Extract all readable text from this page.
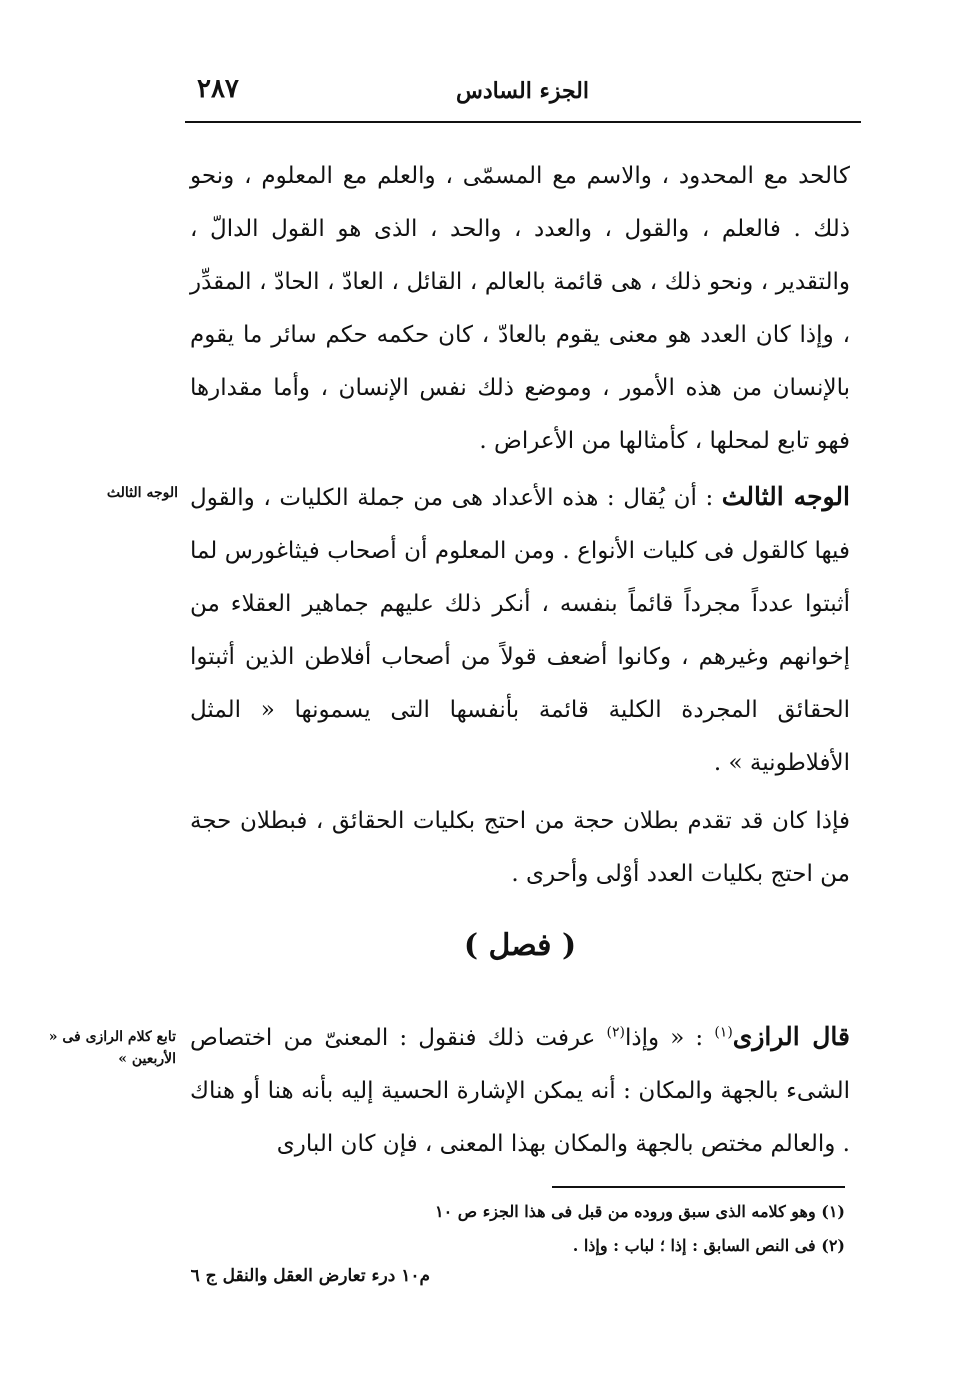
الجزء السادس
٢٨٧
كالحد مع المحدود ، والاسم مع المسمّى ، والعلم مع المعلوم ، ونحو ذلك . فالعلم ، والقول ، والعدد ، والحد ، الذى هو القول الدالّ ، والتقدير ، ونحو ذلك ، هى قائمة بالعالم ، القائل ، العادّ ، الحادّ ، المقدِّر ، وإذا كان العدد هو معنى يقوم بالعادّ ، كان حكمه حكم سائر ما يقوم بالإنسان من هذه الأمور ، وموضع ذلك نفس الإنسان ، وأما مقدارها فهو تابع لمحلها ، كأمثالها من الأعراض .
الوجه الثالث : أن يُقال : هذه الأعداد هى من جملة الكليات ، والقول فيها كالقول فى كليات الأنواع . ومن المعلوم أن أصحاب فيثاغورس لما أثبتوا عدداً مجرداً قائماً بنفسه ، أنكر ذلك عليهم جماهير العقلاء من إخوانهم وغيرهم ، وكانوا أضعف قولاً من أصحاب أفلاطن الذين أثبتوا الحقائق المجردة الكلية قائمة بأنفسها التى يسمونها « المثل الأفلاطونية » .
فإذا كان قد تقدم بطلان حجة من احتج بكليات الحقائق ، فبطلان حجة من احتج بكليات العدد أوْلى وأحرى .
( فصل )
قال الرازى$^{(١)}$ : « وإذا$^{(٢)}$ عرفت ذلك فنقول : المعنىّ من اختصاص الشىء بالجهة والمكان : أنه يمكن الإشارة الحسية إليه بأنه هنا أو هناك . والعالم مختص بالجهة والمكان بهذا المعنى ، فإن كان البارى
الوجه الثالث
تابع كلام الرازى فى « الأربعين »
(١) وهو كلامه الذى سبق وروده من قبل فى هذا الجزء ص ١٠
(٢) فى النص السابق : إذا ؛ لباب : وإذا .
م١٠ درء تعارض العقل والنقل ج ٦
